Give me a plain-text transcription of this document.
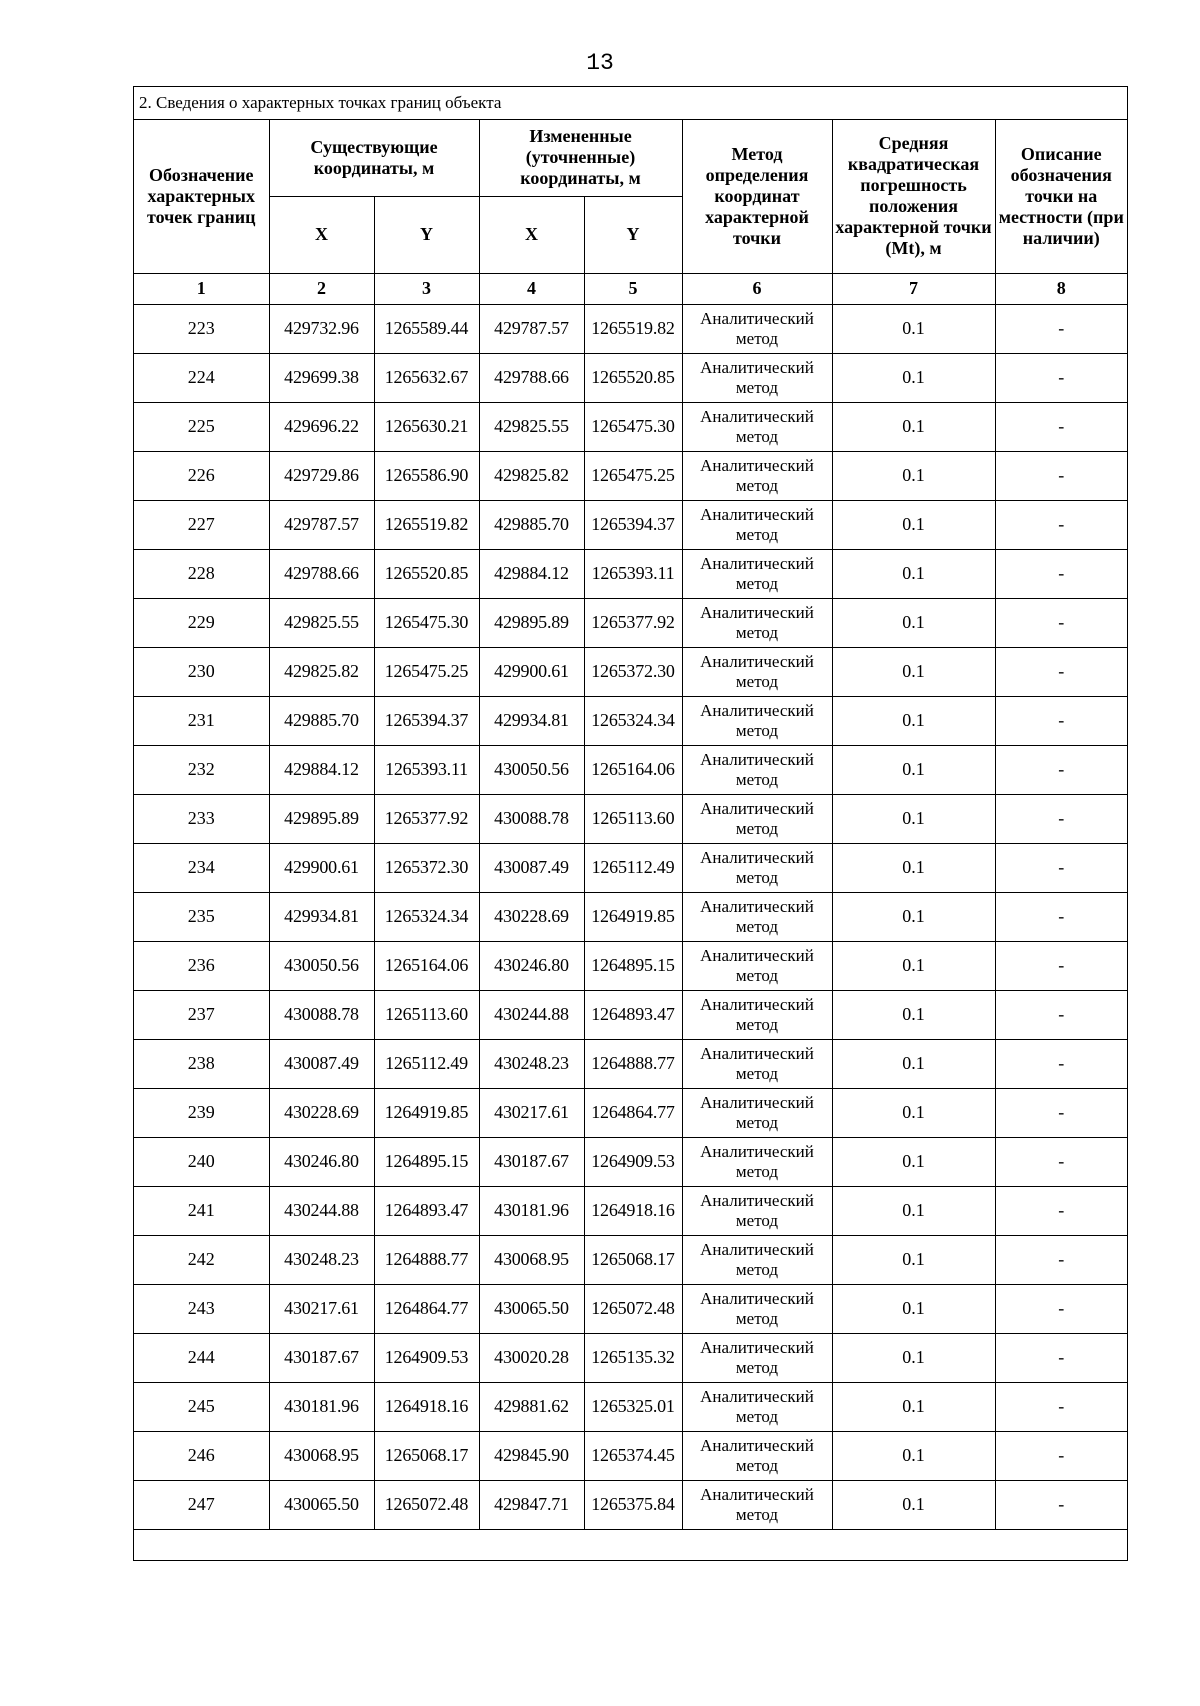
13
2. Сведения о характерных точках границ объекта
Обозначение характерных точек границ	Существующие координаты, м		Измененные (уточненные) координаты, м		Метод определения координат характерной точки	Средняя квадратическая погрешность положения характерной точки (Mt), м	Описание обозначения точки на местности (при наличии)
	X	Y	X	Y			
1	2	3	4	5	6	7	8
223	429732.96	1265589.44	429787.57	1265519.82	Аналитический метод	0.1	-
224	429699.38	1265632.67	429788.66	1265520.85	Аналитический метод	0.1	-
225	429696.22	1265630.21	429825.55	1265475.30	Аналитический метод	0.1	-
226	429729.86	1265586.90	429825.82	1265475.25	Аналитический метод	0.1	-
227	429787.57	1265519.82	429885.70	1265394.37	Аналитический метод	0.1	-
228	429788.66	1265520.85	429884.12	1265393.11	Аналитический метод	0.1	-
229	429825.55	1265475.30	429895.89	1265377.92	Аналитический метод	0.1	-
230	429825.82	1265475.25	429900.61	1265372.30	Аналитический метод	0.1	-
231	429885.70	1265394.37	429934.81	1265324.34	Аналитический метод	0.1	-
232	429884.12	1265393.11	430050.56	1265164.06	Аналитический метод	0.1	-
233	429895.89	1265377.92	430088.78	1265113.60	Аналитический метод	0.1	-
234	429900.61	1265372.30	430087.49	1265112.49	Аналитический метод	0.1	-
235	429934.81	1265324.34	430228.69	1264919.85	Аналитический метод	0.1	-
236	430050.56	1265164.06	430246.80	1264895.15	Аналитический метод	0.1	-
237	430088.78	1265113.60	430244.88	1264893.47	Аналитический метод	0.1	-
238	430087.49	1265112.49	430248.23	1264888.77	Аналитический метод	0.1	-
239	430228.69	1264919.85	430217.61	1264864.77	Аналитический метод	0.1	-
240	430246.80	1264895.15	430187.67	1264909.53	Аналитический метод	0.1	-
241	430244.88	1264893.47	430181.96	1264918.16	Аналитический метод	0.1	-
242	430248.23	1264888.77	430068.95	1265068.17	Аналитический метод	0.1	-
243	430217.61	1264864.77	430065.50	1265072.48	Аналитический метод	0.1	-
244	430187.67	1264909.53	430020.28	1265135.32	Аналитический метод	0.1	-
245	430181.96	1264918.16	429881.62	1265325.01	Аналитический метод	0.1	-
246	430068.95	1265068.17	429845.90	1265374.45	Аналитический метод	0.1	-
247	430065.50	1265072.48	429847.71	1265375.84	Аналитический метод	0.1	-
